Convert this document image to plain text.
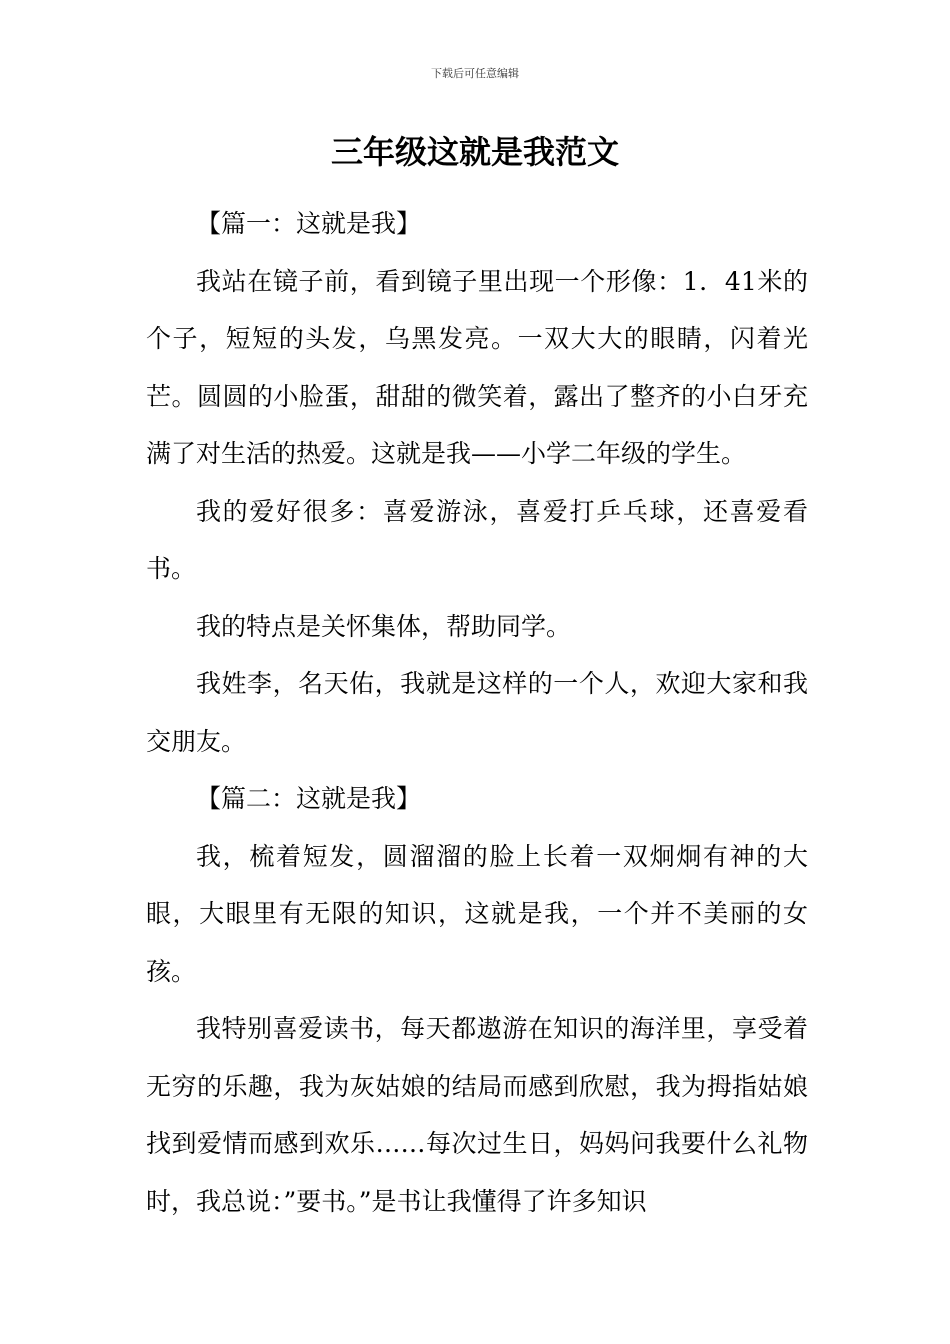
下载后可任意编辑
三年级这就是我范文

【篇一：这就是我】

我站在镜子前，看到镜子里出现一个形像：1．41米的个子，短短的头发，乌黑发亮。一双大大的眼睛，闪着光芒。圆圆的小脸蛋，甜甜的微笑着，露出了整齐的小白牙充满了对生活的热爱。这就是我——小学二年级的学生。

我的爱好很多：喜爱游泳，喜爱打乒乓球，还喜爱看书。

我的特点是关怀集体，帮助同学。

我姓李，名天佑，我就是这样的一个人，欢迎大家和我交朋友。

【篇二：这就是我】

我，梳着短发，圆溜溜的脸上长着一双炯炯有神的大眼，大眼里有无限的知识，这就是我，一个并不美丽的女孩。

我特别喜爱读书，每天都遨游在知识的海洋里，享受着无穷的乐趣，我为灰姑娘的结局而感到欣慰，我为拇指姑娘找到爱情而感到欢乐……每次过生日，妈妈问我要什么礼物时，我总说：”要书。”是书让我懂得了许多知识
